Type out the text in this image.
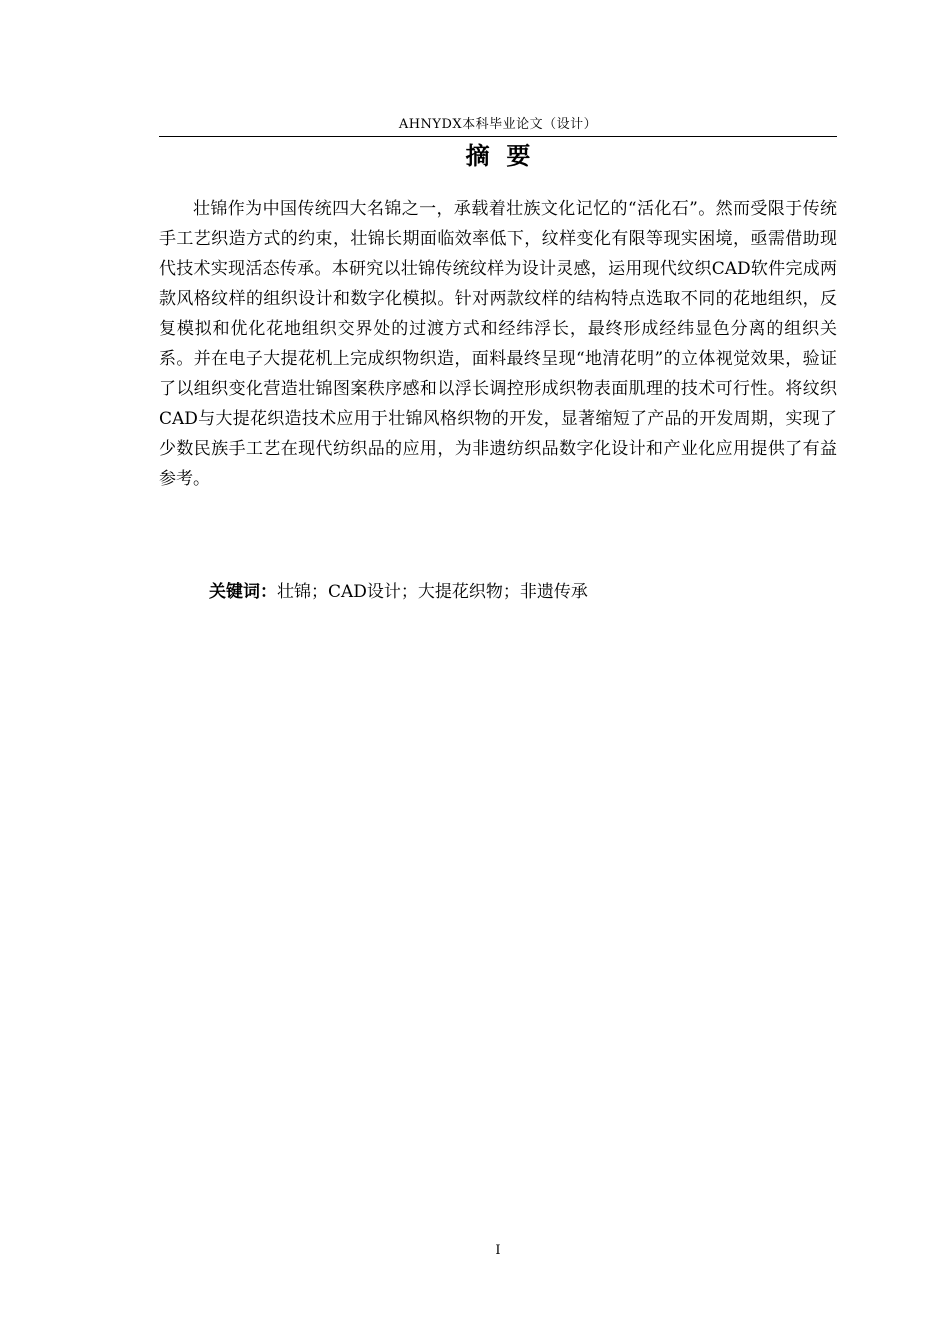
AHNYDX本科毕业论文（设计）
摘  要

壮锦作为中国传统四大名锦之一，承载着壮族文化记忆的“活化石”。然而受限于传统手工艺织造方式的约束，壮锦长期面临效率低下，纹样变化有限等现实困境，亟需借助现代技术实现活态传承。本研究以壮锦传统纹样为设计灵感，运用现代纹织CAD软件完成两款风格纹样的组织设计和数字化模拟。针对两款纹样的结构特点选取不同的花地组织，反复模拟和优化花地组织交界处的过渡方式和经纬浮长，最终形成经纬显色分离的组织关系。并在电子大提花机上完成织物织造，面料最终呈现“地清花明”的立体视觉效果，验证了以组织变化营造壮锦图案秩序感和以浮长调控形成织物表面肌理的技术可行性。将纹织CAD与大提花织造技术应用于壮锦风格织物的开发，显著缩短了产品的开发周期，实现了少数民族手工艺在现代纺织品的应用，为非遗纺织品数字化设计和产业化应用提供了有益参考。

关键词：壮锦；CAD设计；大提花织物；非遗传承
I
